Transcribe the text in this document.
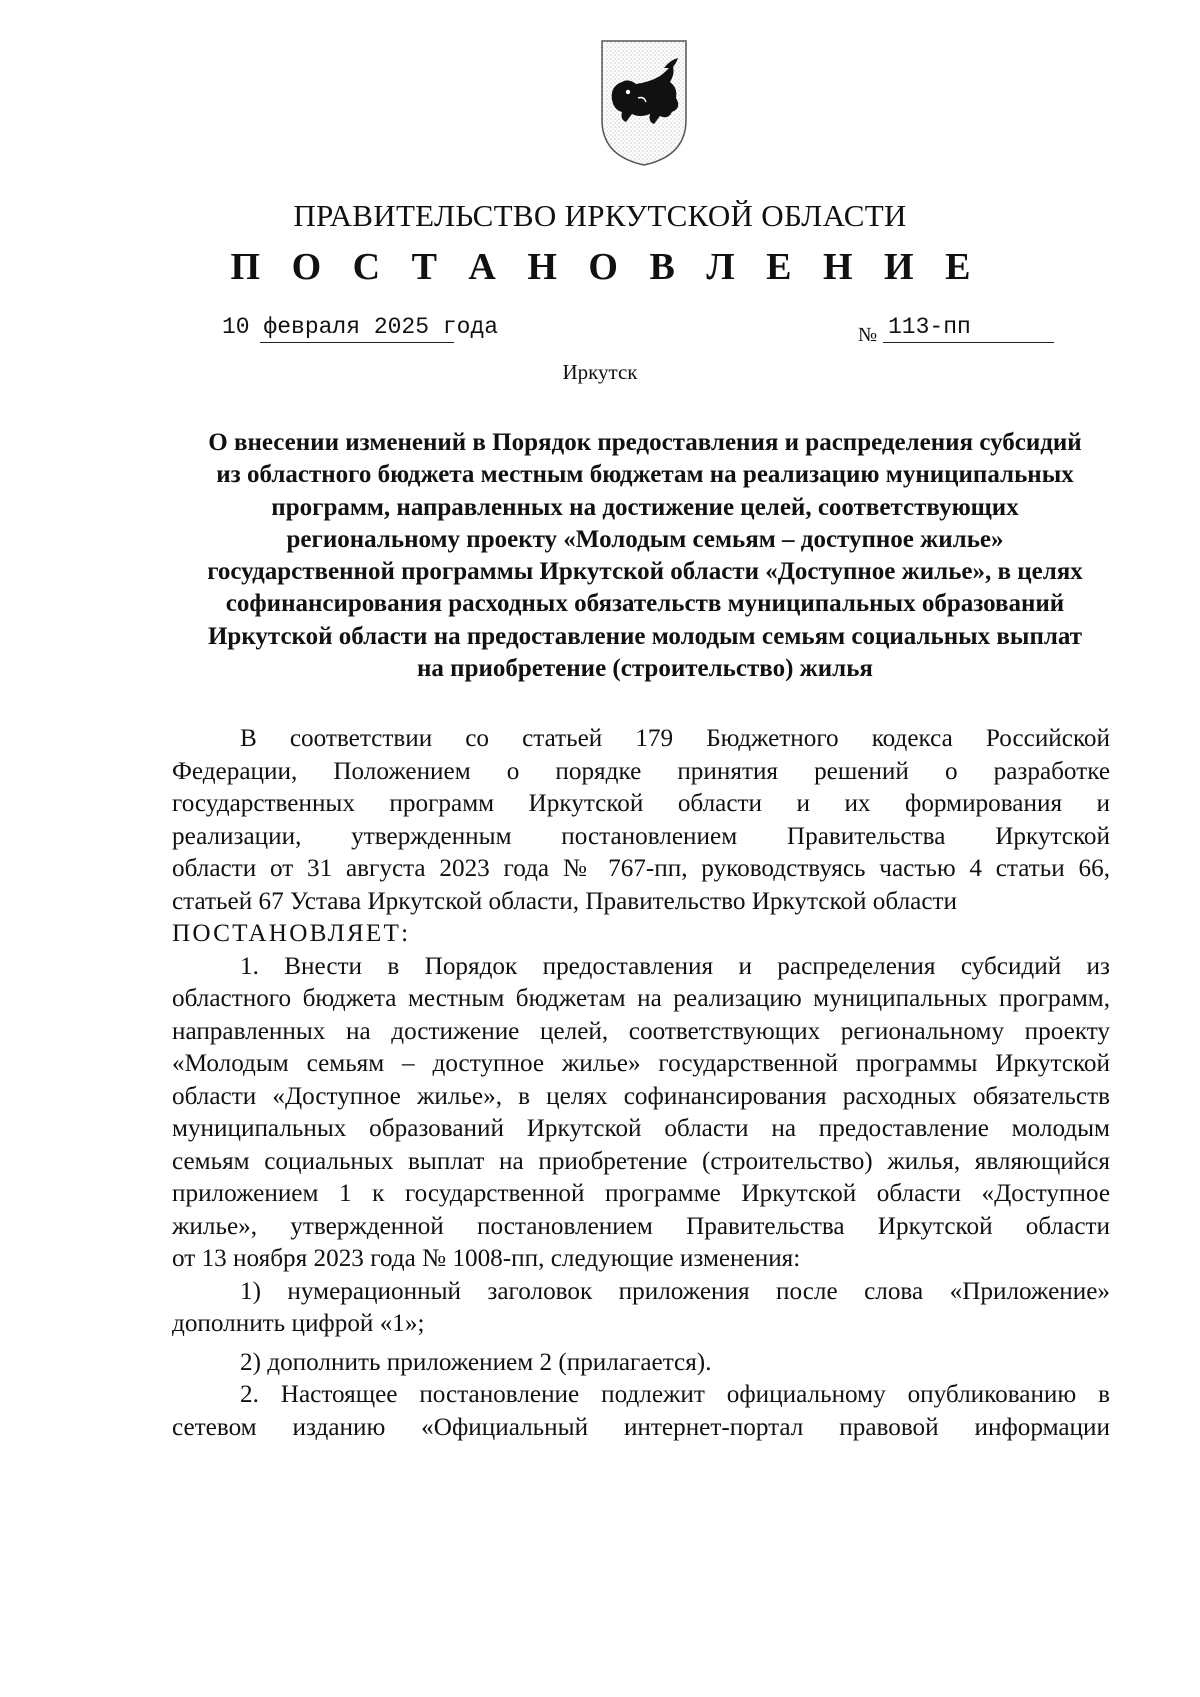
ПРАВИТЕЛЬСТВО ИРКУТСКОЙ ОБЛАСТИ
П О С Т А Н О В Л Е Н И Е
10 февраля 2025 года	№ 113-пп
Иркутск
О внесении изменений в Порядок предоставления и распределения субсидий
из областного бюджета местным бюджетам на реализацию муниципальных
программ, направленных на достижение целей, соответствующих
региональному проекту «Молодым семьям – доступное жилье»
государственной программы Иркутской области «Доступное жилье», в целях
софинансирования расходных обязательств муниципальных образований
Иркутской области на предоставление молодым семьям социальных выплат
на приобретение (строительство) жилья
В соответствии со статьей 179 Бюджетного кодекса Российской
Федерации, Положением о порядке принятия решений о разработке
государственных программ Иркутской области и их формирования и
реализации, утвержденным постановлением Правительства Иркутской
области от 31 августа 2023 года № 767-пп, руководствуясь частью 4 статьи 66,
статьей 67 Устава Иркутской области, Правительство Иркутской области
ПОСТАНОВЛЯЕТ:
1. Внести в Порядок предоставления и распределения субсидий из
областного бюджета местным бюджетам на реализацию муниципальных программ,
направленных на достижение целей, соответствующих региональному проекту
«Молодым семьям – доступное жилье» государственной программы Иркутской
области «Доступное жилье», в целях софинансирования расходных обязательств
муниципальных образований Иркутской области на предоставление молодым
семьям социальных выплат на приобретение (строительство) жилья, являющийся
приложением 1 к государственной программе Иркутской области «Доступное
жилье», утвержденной постановлением Правительства Иркутской области
от 13 ноября 2023 года № 1008-пп, следующие изменения:
1) нумерационный заголовок приложения после слова «Приложение»
дополнить цифрой «1»;
2) дополнить приложением 2 (прилагается).
2. Настоящее постановление подлежит официальному опубликованию в
сетевом изданию «Официальный интернет-портал правовой информации
